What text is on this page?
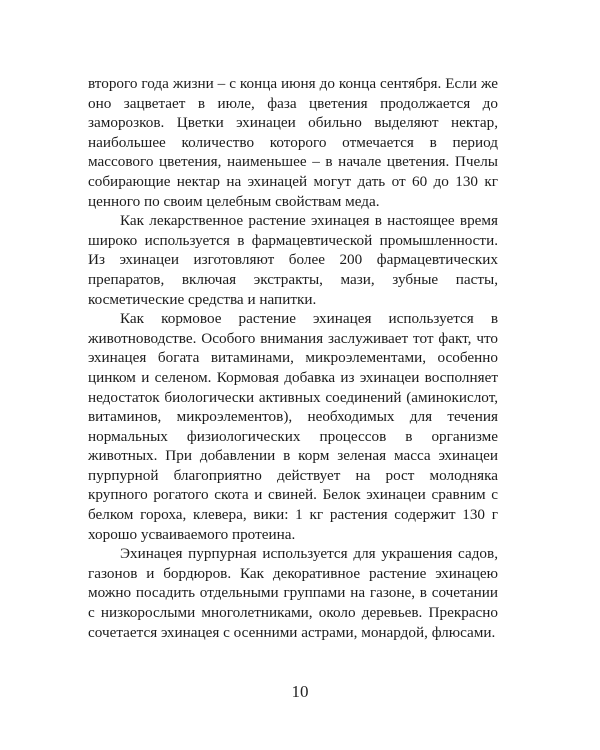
второго года жизни – с конца июня до конца сентября. Если же оно зацветает в июле, фаза цветения продолжается до заморозков. Цветки эхинацеи обильно выделяют нектар, наибольшее количество которого отмечается в период массового цветения, наименьшее – в начале цветения. Пчелы собирающие нектар на эхинацей могут дать от 60 до 130 кг ценного по своим целебным свойствам меда.

Как лекарственное растение эхинацея в настоящее время широко используется в фармацевтической промышленности. Из эхинацеи изготовляют более 200 фармацевтических препаратов, включая экстракты, мази, зубные пасты, косметические средства и напитки.

Как кормовое растение эхинацея используется в животноводстве. Особого внимания заслуживает тот факт, что эхинацея богата витаминами, микроэлементами, особенно цинком и селеном. Кормовая добавка из эхинацеи восполняет недостаток биологически активных соединений (аминокислот, витаминов, микроэлементов), необходимых для течения нормальных физиологических процессов в организме животных. При добавлении в корм зеленая масса эхинацеи пурпурной благоприятно действует на рост молодняка крупного рогатого скота и свиней. Белок эхинацеи сравним с белком гороха, клевера, вики: 1 кг растения содержит 130 г хорошо усваиваемого протеина.

Эхинацея пурпурная используется для украшения садов, газонов и бордюров. Как декоративное растение эхинацею можно посадить отдельными группами на газоне, в сочетании с низкорослыми многолетниками, около деревьев. Прекрасно сочетается эхинацея с осенними астрами, монардой, флюсами.

10
